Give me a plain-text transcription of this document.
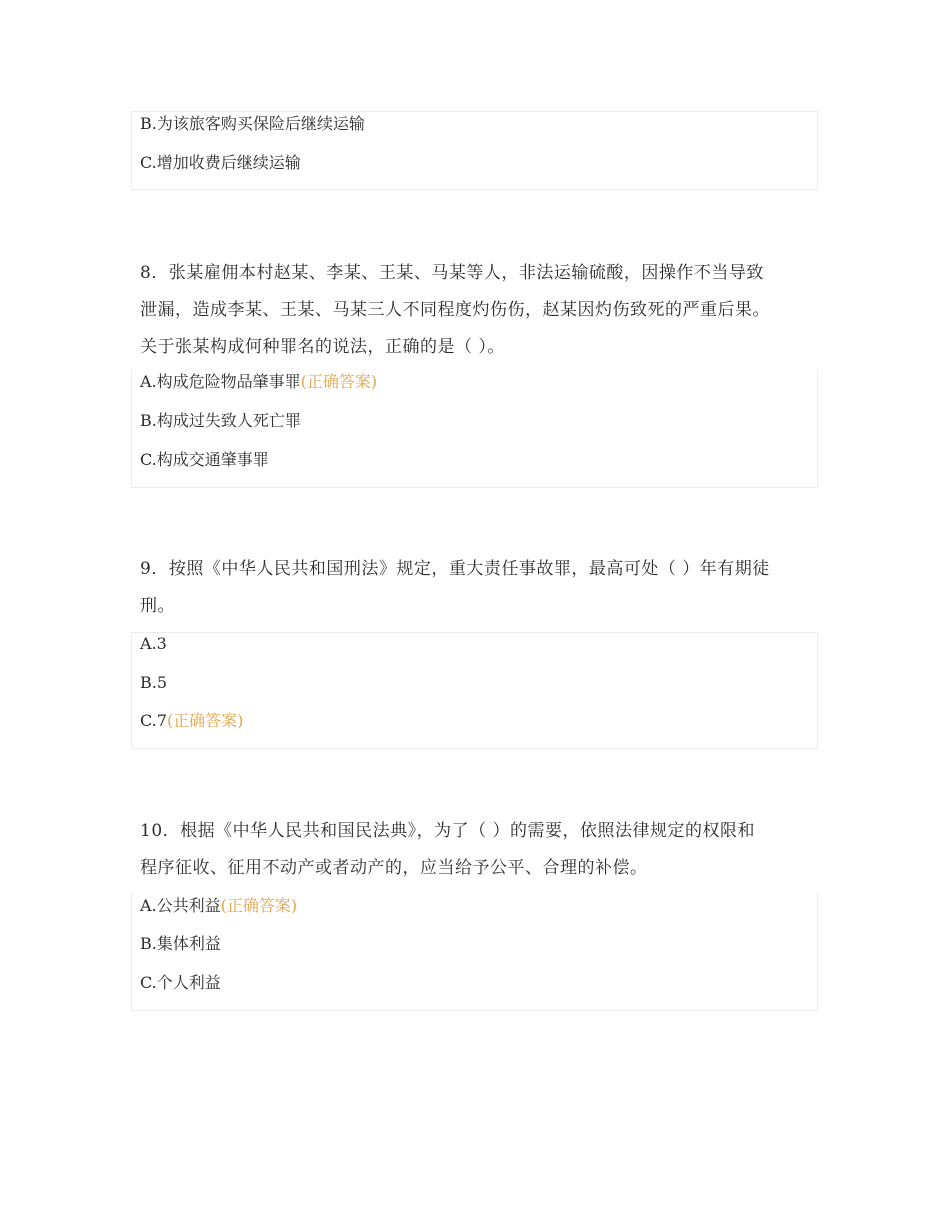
B.为该旅客购买保险后继续运输
C.增加收费后继续运输
8．张某雇佣本村赵某、李某、王某、马某等人，非法运输硫酸，因操作不当导致
泄漏，造成李某、王某、马某三人不同程度灼伤伤，赵某因灼伤致死的严重后果。
关于张某构成何种罪名的说法，正确的是（ ）。
A.构成危险物品肇事罪(正确答案)
B.构成过失致人死亡罪
C.构成交通肇事罪
9．按照《中华人民共和国刑法》规定，重大责任事故罪，最高可处（ ）年有期徒
刑。
A.3
B.5
C.7(正确答案)
10．根据《中华人民共和国民法典》，为了（ ）的需要，依照法律规定的权限和
程序征收、征用不动产或者动产的，应当给予公平、合理的补偿。
A.公共利益(正确答案)
B.集体利益
C.个人利益
